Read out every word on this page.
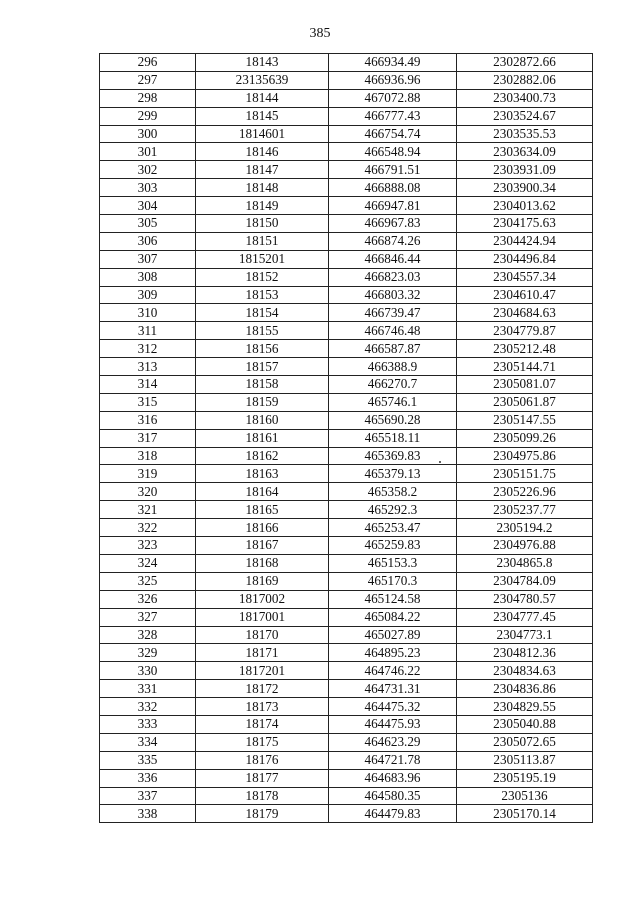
385
296	18143	466934.49	2302872.66
297	23135639	466936.96	2302882.06
298	18144	467072.88	2303400.73
299	18145	466777.43	2303524.67
300	1814601	466754.74	2303535.53
301	18146	466548.94	2303634.09
302	18147	466791.51	2303931.09
303	18148	466888.08	2303900.34
304	18149	466947.81	2304013.62
305	18150	466967.83	2304175.63
306	18151	466874.26	2304424.94
307	1815201	466846.44	2304496.84
308	18152	466823.03	2304557.34
309	18153	466803.32	2304610.47
310	18154	466739.47	2304684.63
311	18155	466746.48	2304779.87
312	18156	466587.87	2305212.48
313	18157	466388.9	2305144.71
314	18158	466270.7	2305081.07
315	18159	465746.1	2305061.87
316	18160	465690.28	2305147.55
317	18161	465518.11	2305099.26
318	18162	465369.83	2304975.86
319	18163	465379.13	2305151.75
320	18164	465358.2	2305226.96
321	18165	465292.3	2305237.77
322	18166	465253.47	2305194.2
323	18167	465259.83	2304976.88
324	18168	465153.3	2304865.8
325	18169	465170.3	2304784.09
326	1817002	465124.58	2304780.57
327	1817001	465084.22	2304777.45
328	18170	465027.89	2304773.1
329	18171	464895.23	2304812.36
330	1817201	464746.22	2304834.63
331	18172	464731.31	2304836.86
332	18173	464475.32	2304829.55
333	18174	464475.93	2305040.88
334	18175	464623.29	2305072.65
335	18176	464721.78	2305113.87
336	18177	464683.96	2305195.19
337	18178	464580.35	2305136
338	18179	464479.83	2305170.14
